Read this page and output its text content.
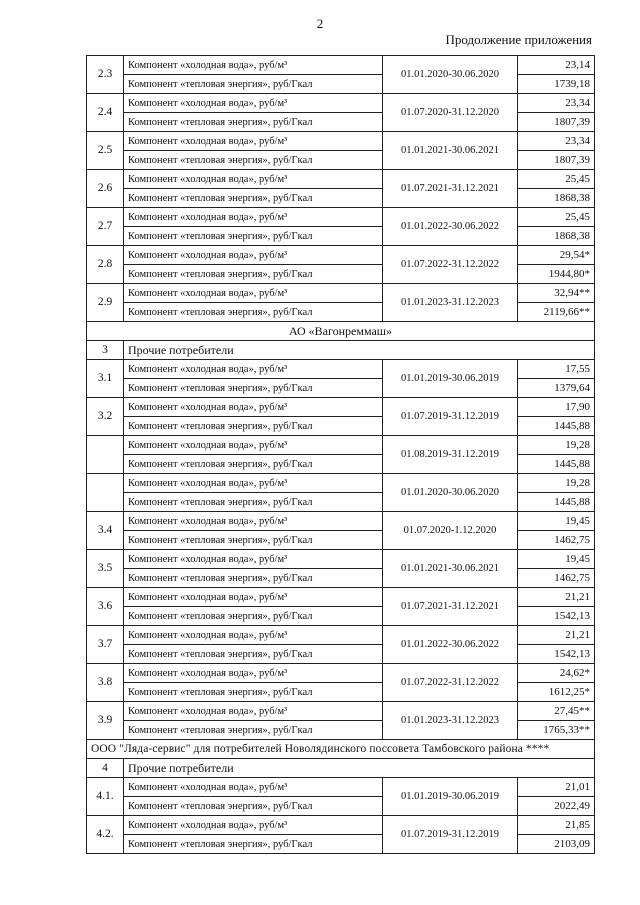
2
Продолжение приложения
2.3	Компонент «холодная вода», руб/м³	01.01.2020-30.06.2020	23,14
	Компонент «тепловая энергия», руб/Гкал		1739,18
2.4	Компонент «холодная вода», руб/м³	01.07.2020-31.12.2020	23,34
	Компонент «тепловая энергия», руб/Гкал		1807,39
2.5	Компонент «холодная вода», руб/м³	01.01.2021-30.06.2021	23,34
	Компонент «тепловая энергия», руб/Гкал		1807,39
2.6	Компонент «холодная вода», руб/м³	01.07.2021-31.12.2021	25,45
	Компонент «тепловая энергия», руб/Гкал		1868,38
2.7	Компонент «холодная вода», руб/м³	01.01.2022-30.06.2022	25,45
	Компонент «тепловая энергия», руб/Гкал		1868,38
2.8	Компонент «холодная вода», руб/м³	01.07.2022-31.12.2022	29,54*
	Компонент «тепловая энергия», руб/Гкал		1944,80*
2.9	Компонент «холодная вода», руб/м³	01.01.2023-31.12.2023	32,94**
	Компонент «тепловая энергия», руб/Гкал		2119,66**
АО «Вагонреммаш»			
3	Прочие потребители		
3.1	Компонент «холодная вода», руб/м³	01.01.2019-30.06.2019	17,55
	Компонент «тепловая энергия», руб/Гкал		1379,64
3.2	Компонент «холодная вода», руб/м³	01.07.2019-31.12.2019	17,90
	Компонент «тепловая энергия», руб/Гкал		1445,88
	Компонент «холодная вода», руб/м³	01.08.2019-31.12.2019	19,28
	Компонент «тепловая энергия», руб/Гкал		1445,88
	Компонент «холодная вода», руб/м³	01.01.2020-30.06.2020	19,28
	Компонент «тепловая энергия», руб/Гкал		1445,88
3.4	Компонент «холодная вода», руб/м³	01.07.2020-1.12.2020	19,45
	Компонент «тепловая энергия», руб/Гкал		1462,75
3.5	Компонент «холодная вода», руб/м³	01.01.2021-30.06.2021	19,45
	Компонент «тепловая энергия», руб/Гкал		1462,75
3.6	Компонент «холодная вода», руб/м³	01.07.2021-31.12.2021	21,21
	Компонент «тепловая энергия», руб/Гкал		1542,13
3.7	Компонент «холодная вода», руб/м³	01.01.2022-30.06.2022	21,21
	Компонент «тепловая энергия», руб/Гкал		1542,13
3.8	Компонент «холодная вода», руб/м³	01.07.2022-31.12.2022	24,62*
	Компонент «тепловая энергия», руб/Гкал		1612,25*
3.9	Компонент «холодная вода», руб/м³	01.01.2023-31.12.2023	27,45**
	Компонент «тепловая энергия», руб/Гкал		1765,33**
ООО "Ляда-сервис" для потребителей Новолядинского поссовета Тамбовского района ****			
4	Прочие потребители		
4.1.	Компонент «холодная вода», руб/м³	01.01.2019-30.06.2019	21,01
	Компонент «тепловая энергия», руб/Гкал		2022,49
4.2.	Компонент «холодная вода», руб/м³	01.07.2019-31.12.2019	21,85
	Компонент «тепловая энергия», руб/Гкал		2103,09
